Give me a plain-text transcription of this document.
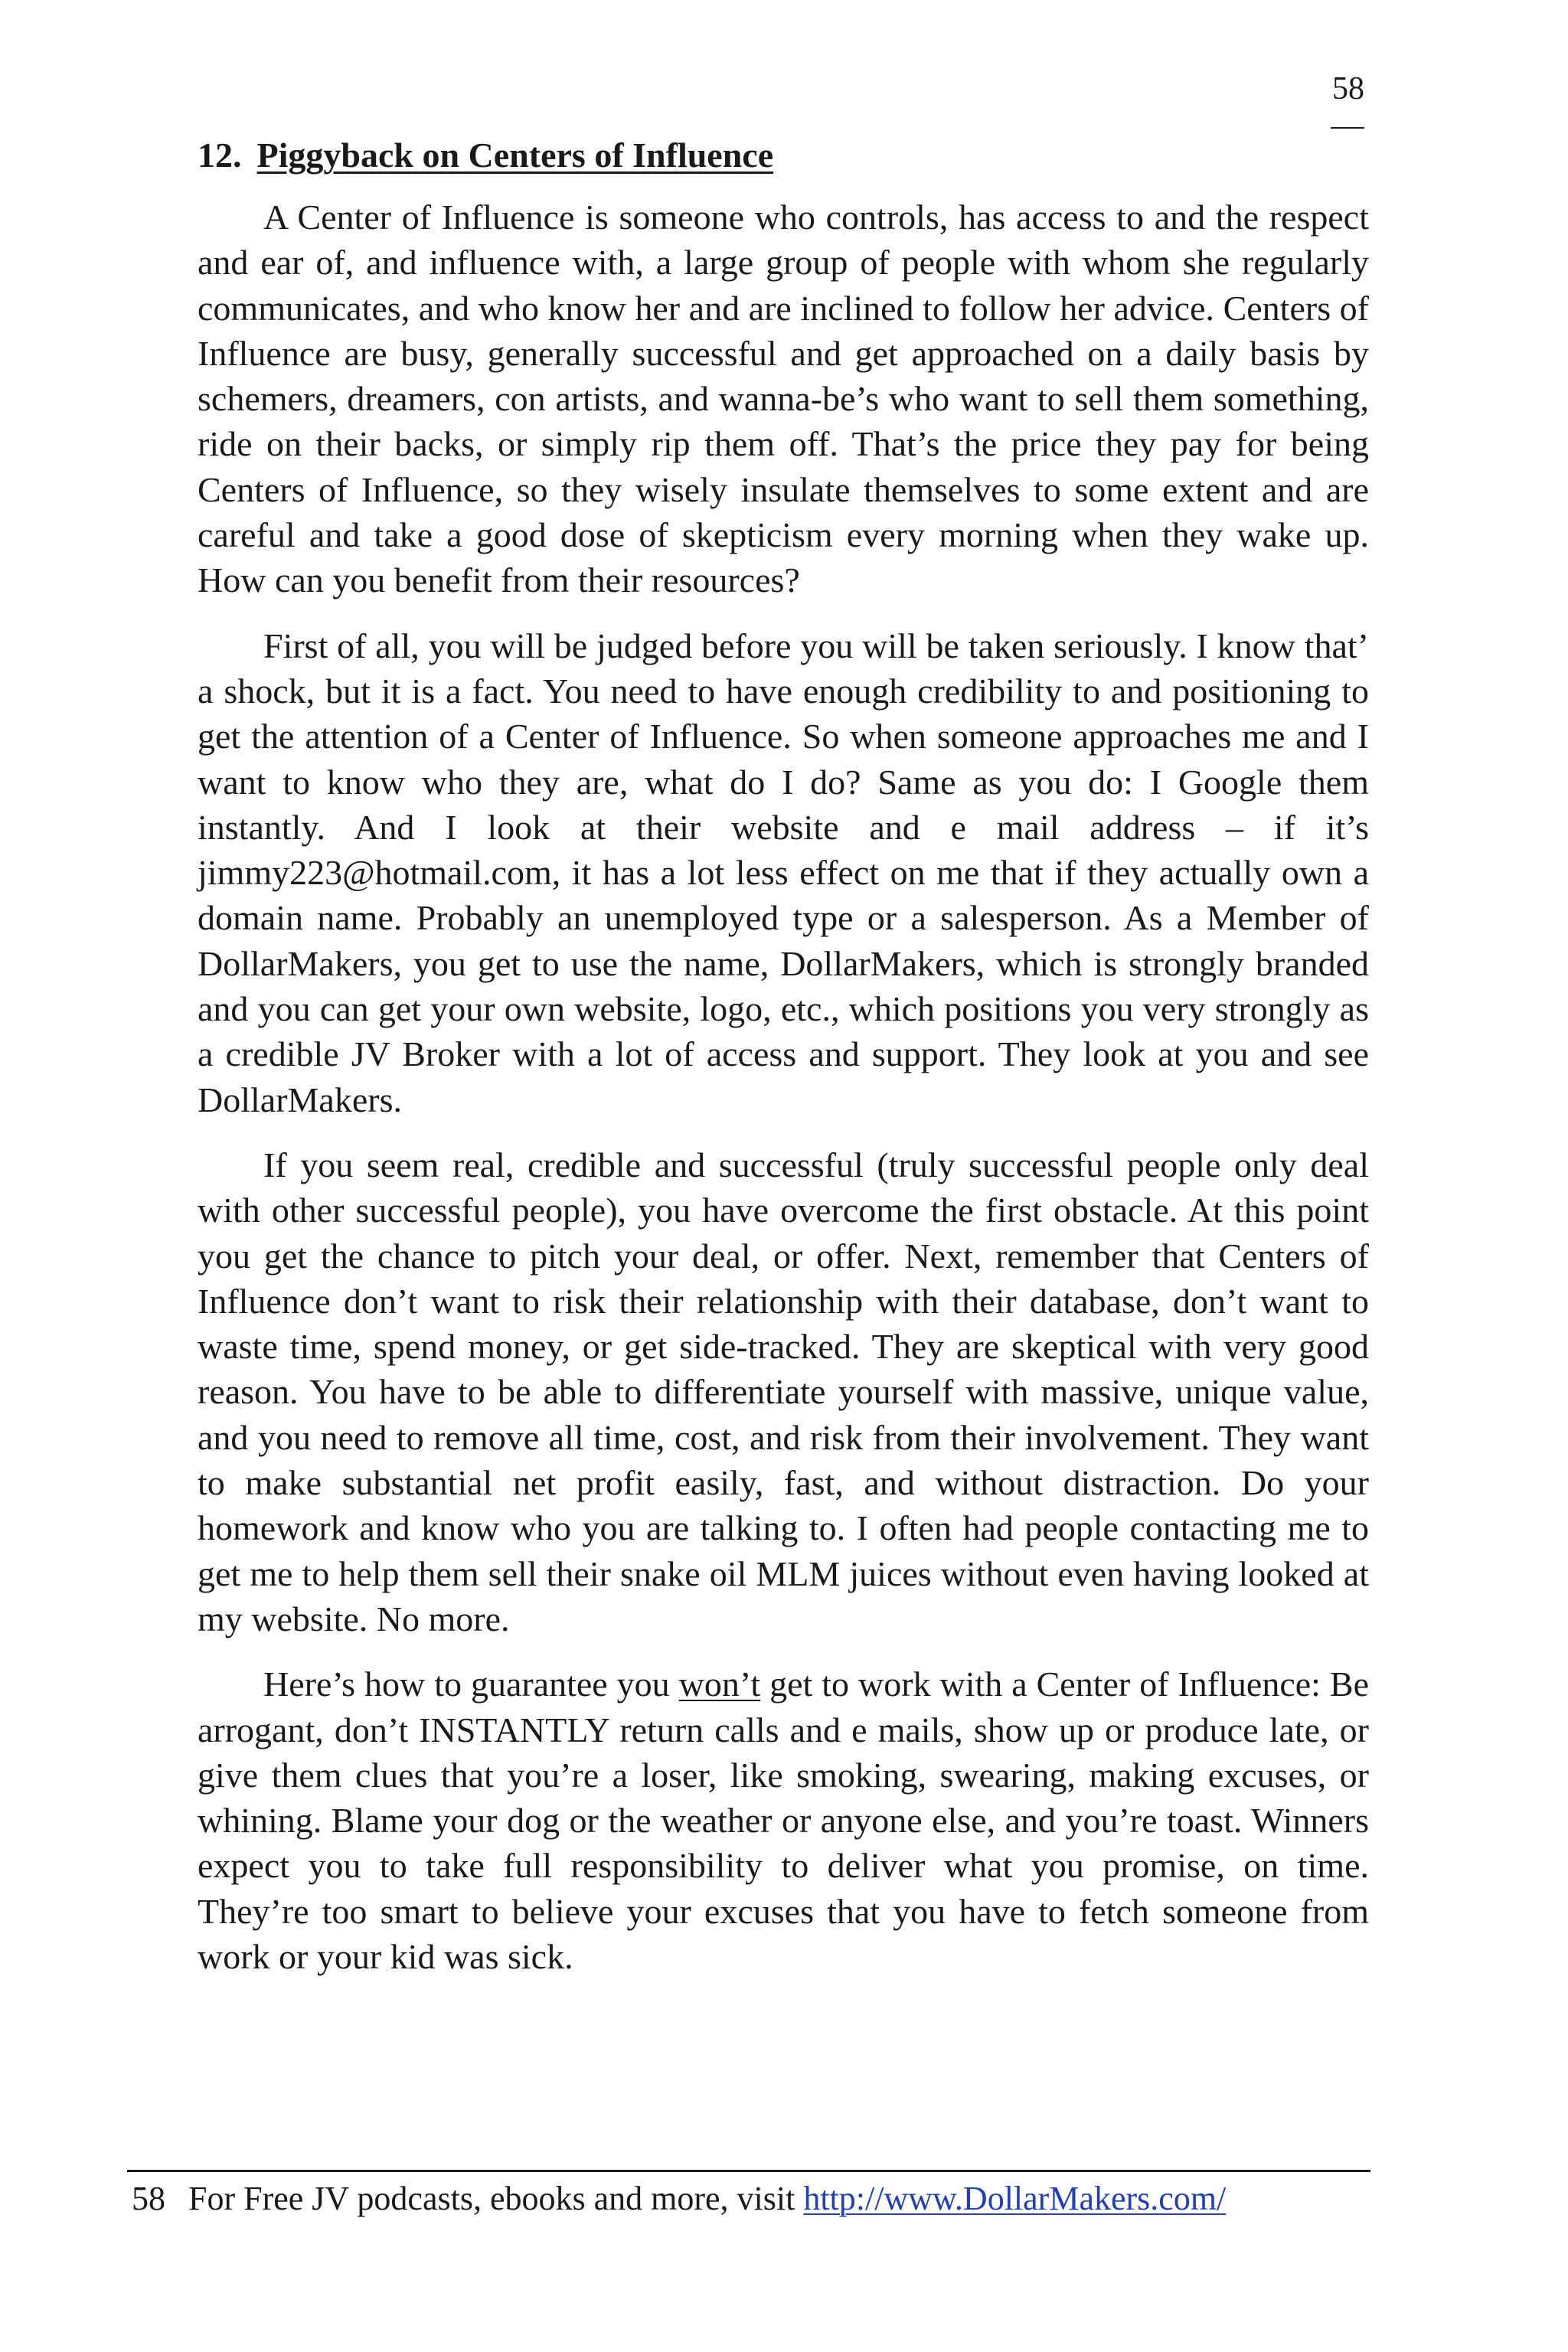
58
12. Piggyback on Centers of Influence

A Center of Influence is someone who controls, has access to and the respect and ear of, and influence with, a large group of people with whom she regularly communicates, and who know her and are inclined to follow her advice. Centers of Influence are busy, generally successful and get approached on a daily basis by schemers, dreamers, con artists, and wanna-be’s who want to sell them something, ride on their backs, or simply rip them off. That’s the price they pay for being Centers of Influence, so they wisely insulate themselves to some extent and are careful and take a good dose of skepticism every morning when they wake up. How can you benefit from their resources?

First of all, you will be judged before you will be taken seriously. I know that’ a shock, but it is a fact. You need to have enough credibility to and positioning to get the attention of a Center of Influence. So when someone approaches me and I want to know who they are, what do I do? Same as you do: I Google them instantly. And I look at their website and e mail address – if it’s jimmy223@hotmail.com, it has a lot less effect on me that if they actually own a domain name. Probably an unemployed type or a salesperson. As a Member of DollarMakers, you get to use the name, DollarMakers, which is strongly branded and you can get your own website, logo, etc., which positions you very strongly as a credible JV Broker with a lot of access and support. They look at you and see DollarMakers.

If you seem real, credible and successful (truly successful people only deal with other successful people), you have overcome the first obstacle. At this point you get the chance to pitch your deal, or offer. Next, remember that Centers of Influence don’t want to risk their relationship with their database, don’t want to waste time, spend money, or get side-tracked. They are skeptical with very good reason. You have to be able to differentiate yourself with massive, unique value, and you need to remove all time, cost, and risk from their involvement. They want to make substantial net profit easily, fast, and without distraction. Do your homework and know who you are talking to. I often had people contacting me to get me to help them sell their snake oil MLM juices without even having looked at my website. No more.

Here’s how to guarantee you won’t get to work with a Center of Influence: Be arrogant, don’t INSTANTLY return calls and e mails, show up or produce late, or give them clues that you’re a loser, like smoking, swearing, making excuses, or whining. Blame your dog or the weather or anyone else, and you’re toast. Winners expect you to take full responsibility to deliver what you promise, on time. They’re too smart to believe your excuses that you have to fetch someone from work or your kid was sick.

58 For Free JV podcasts, ebooks and more, visit http://www.DollarMakers.com/
